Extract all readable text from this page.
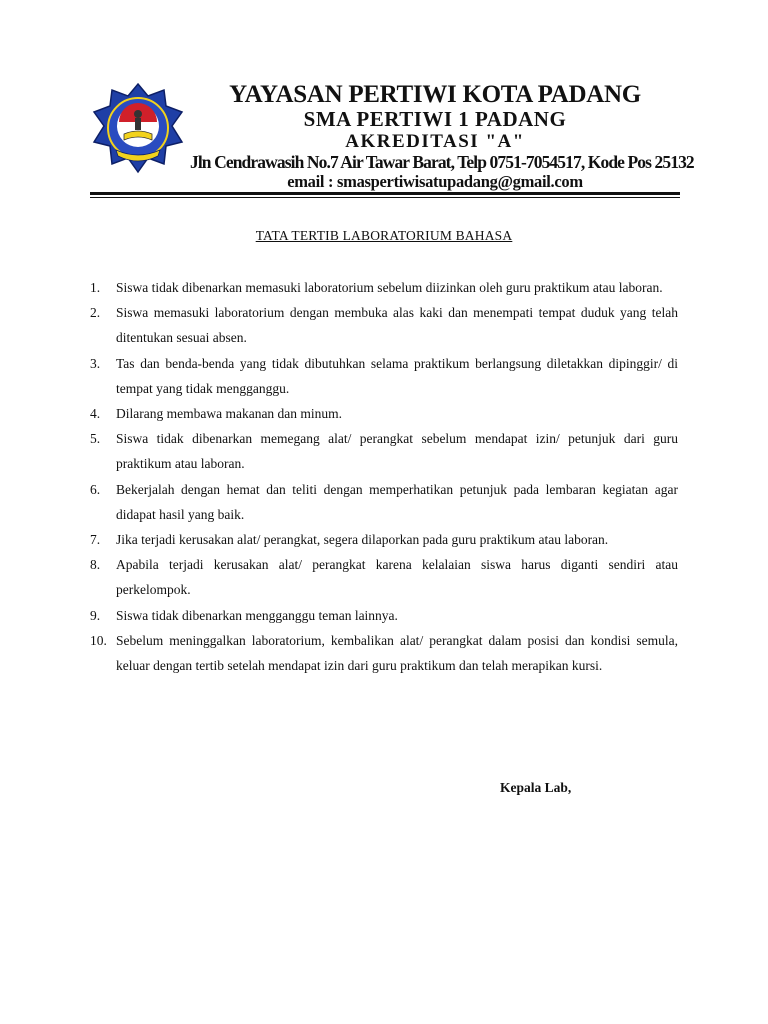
YAYASAN PERTIWI KOTA PADANG
SMA PERTIWI 1 PADANG
AKREDITASI "A"
Jln Cendrawasih No.7 Air Tawar Barat, Telp 0751-7054517, Kode Pos 25132
email : smaspertiwisatupadang@gmail.com
TATA TERTIB LABORATORIUM BAHASA
1. Siswa tidak dibenarkan memasuki laboratorium sebelum diizinkan oleh guru praktikum atau laboran.
2. Siswa memasuki laboratorium dengan membuka alas kaki dan menempati tempat duduk yang telah ditentukan sesuai absen.
3. Tas dan benda-benda yang tidak dibutuhkan selama praktikum berlangsung diletakkan dipinggir/ di tempat yang tidak mengganggu.
4. Dilarang membawa makanan dan minum.
5. Siswa tidak dibenarkan memegang alat/ perangkat sebelum mendapat izin/ petunjuk dari guru praktikum atau laboran.
6. Bekerjalah dengan hemat dan teliti dengan memperhatikan petunjuk pada lembaran kegiatan agar didapat hasil yang baik.
7. Jika terjadi kerusakan alat/ perangkat, segera dilaporkan pada guru praktikum atau laboran.
8. Apabila terjadi kerusakan alat/ perangkat karena kelalaian siswa harus diganti sendiri atau perkelompok.
9. Siswa tidak dibenarkan mengganggu teman lainnya.
10. Sebelum meninggalkan laboratorium, kembalikan alat/ perangkat dalam posisi dan kondisi semula, keluar dengan tertib setelah mendapat izin dari guru praktikum dan telah merapikan kursi.
Kepala Lab,
